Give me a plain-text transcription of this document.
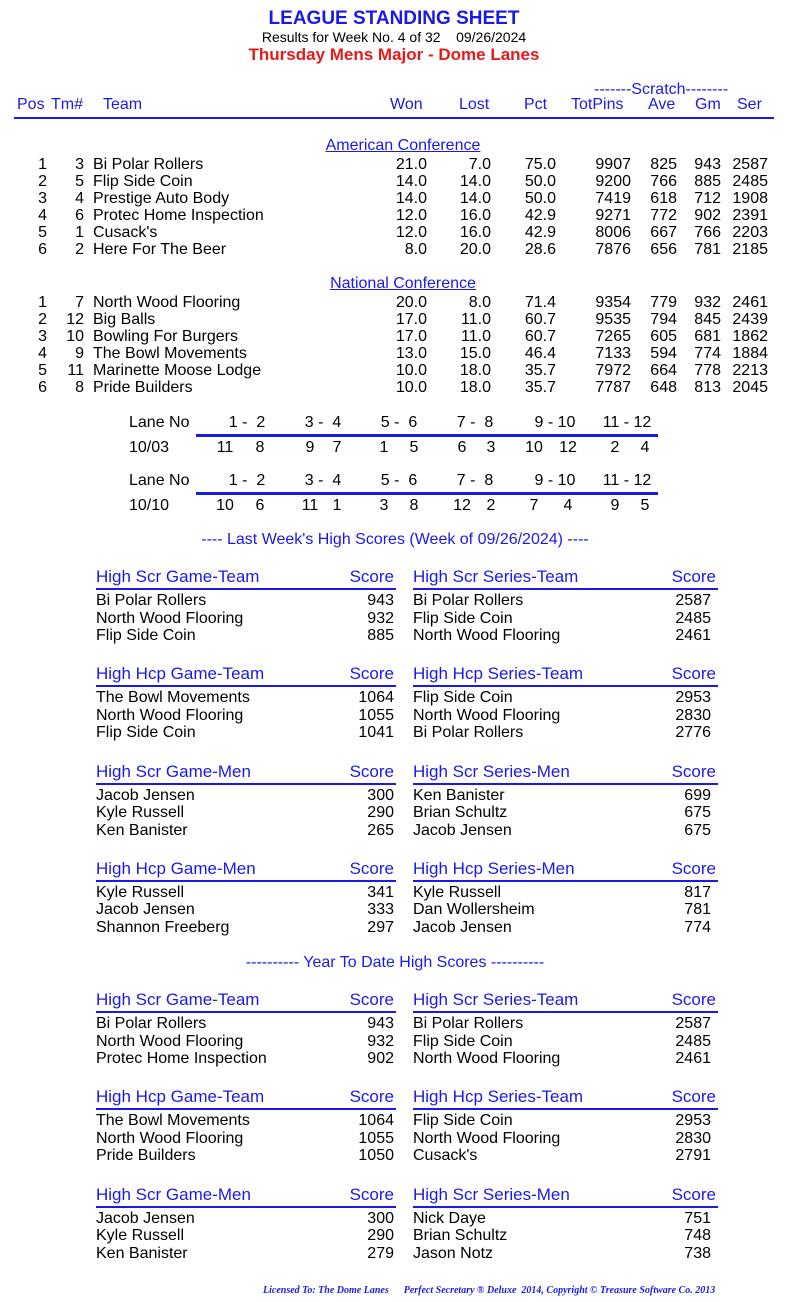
LEAGUE STANDING SHEET
Results for Week No. 4 of 32    09/26/2024
Thursday Mens Major - Dome Lanes
-------Scratch--------
Pos Tm# Team	Won Lost Pct TotPins Ave Gm Ser
American Conference
1 3 Bi Polar Rollers	21.0	7.0 75.0 9907 825 943 2587
2 5 Flip Side Coin	14.0 14.0 50.0 9200 766 885 2485
3 4 Prestige Auto Body	14.0 14.0 50.0 7419 618 712 1908
4 6 Protec Home Inspection	12.0 16.0 42.9 9271 772 902 2391
5 1 Cusack's	12.0 16.0 42.9 8006 667 766 2203
6 2 Here For The Beer	8.0 20.0 28.6 7876 656 781 2185
National Conference
1 7 North Wood Flooring	20.0	8.0 71.4 9354 779 932 2461
2 12 Big Balls	17.0 11.0 60.7 9535 794 845 2439
3 10 Bowling For Burgers	17.0 11.0 60.7 7265 605 681 1862
4 9 The Bowl Movements	13.0 15.0 46.4 7133 594 774 1884
5 11 Marinette Moose Lodge	10.0 18.0 35.7 7972 664 778 2213
6 8 Pride Builders	10.0 18.0 35.7 7787 648 813 2045
Lane No	1 -  2	3 -  4	5 -  6	7 -  8	9 - 10	11 - 12
10/03	11	8	9	7	1	5	6	3	10	12	2	4
Lane No	1 -  2	3 -  4	5 -  6	7 -  8	9 - 10	11 - 12
10/10	10	6	11 1	3	8	12 2	7	4	9	5
---- Last Week's High Scores (Week of 09/26/2024) ----
High Scr Game-Team	Score
Bi Polar Rollers	943
North Wood Flooring	932
Flip Side Coin	885
High Scr Series-Team	Score
Bi Polar Rollers	2587
Flip Side Coin	2485
North Wood Flooring	2461
High Hcp Game-Team	Score
The Bowl Movements	1064
North Wood Flooring	1055
Flip Side Coin	1041
High Hcp Series-Team	Score
Flip Side Coin	2953
North Wood Flooring	2830
Bi Polar Rollers	2776
High Scr Game-Men	Score
Jacob Jensen	300
Kyle Russell	290
Ken Banister	265
High Scr Series-Men	Score
Ken Banister	699
Brian Schultz	675
Jacob Jensen	675
High Hcp Game-Men	Score
Kyle Russell	341
Jacob Jensen	333
Shannon Freeberg	297
High Hcp Series-Men	Score
Kyle Russell	817
Dan Wollersheim	781
Jacob Jensen	774
---------- Year To Date High Scores ----------
High Scr Game-Team	Score
Bi Polar Rollers	943
North Wood Flooring	932
Protec Home Inspection	902
High Scr Series-Team	Score
Bi Polar Rollers	2587
Flip Side Coin	2485
North Wood Flooring	2461
High Hcp Game-Team	Score
The Bowl Movements	1064
North Wood Flooring	1055
Pride Builders	1050
High Hcp Series-Team	Score
Flip Side Coin	2953
North Wood Flooring	2830
Cusack's	2791
High Scr Game-Men	Score
Jacob Jensen	300
Kyle Russell	290
Ken Banister	279
High Scr Series-Men	Score
Nick Daye	751
Brian Schultz	748
Jason Notz	738
Licensed To: The Dome Lanes      Perfect Secretary ® Deluxe  2014, Copyright © Treasure Software Co. 2013
